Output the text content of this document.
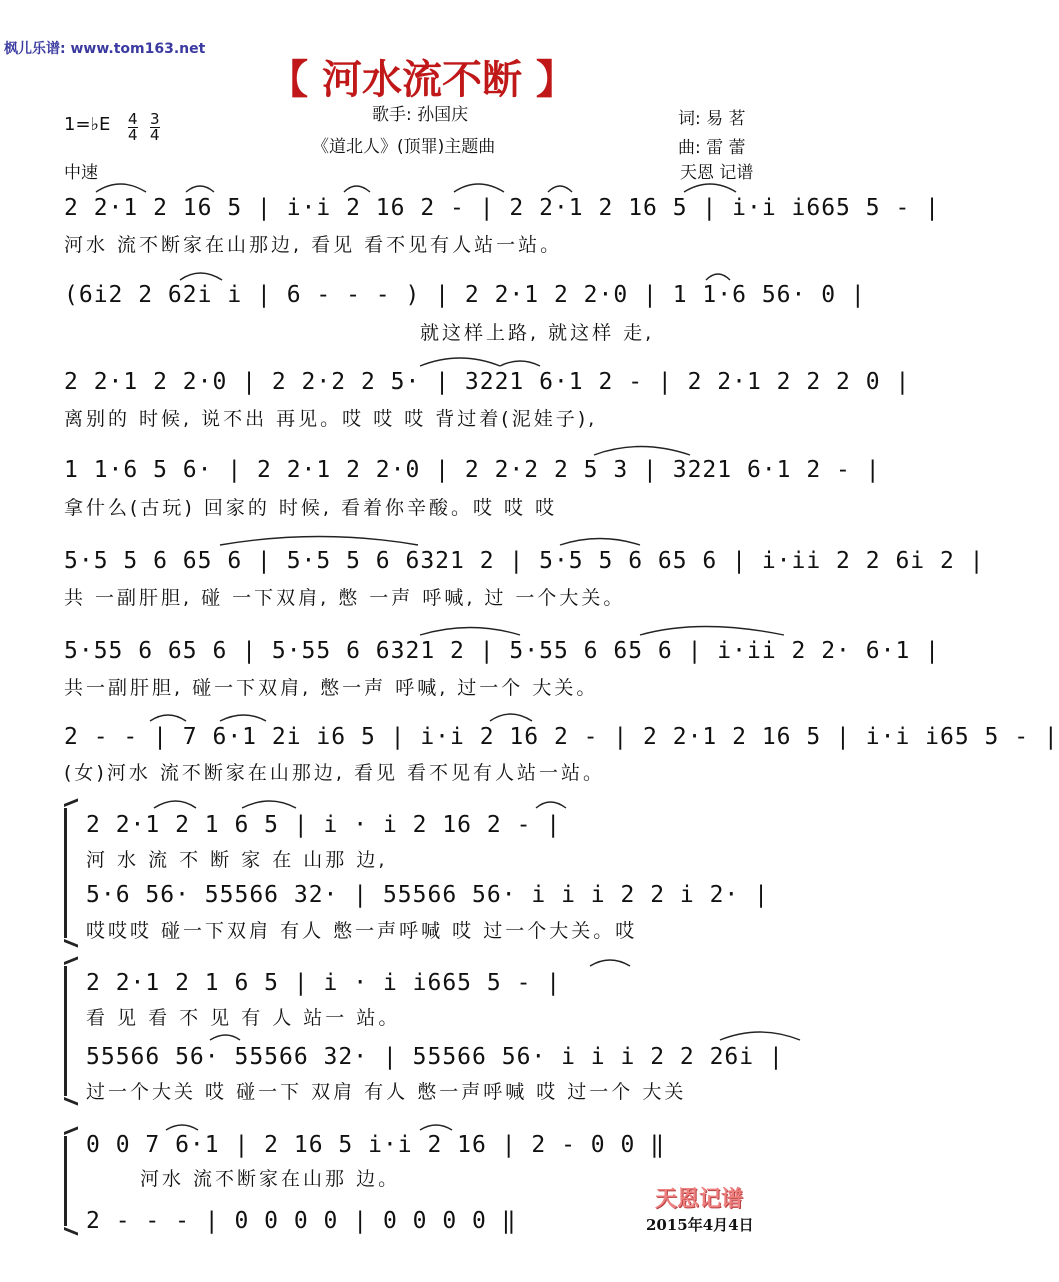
枫儿乐谱: www.tom163.net
【 河水流不断 】
歌手: 孙国庆
《道北人》(顶罪)主题曲
词: 易 茗
曲: 雷 蕾
天恩 记谱
1=♭E $\frac{4}{4} \frac{3}{4}$
中速
2 2·1 2 16 5 | i·i 2 16 2 - | 2 2·1 2 16 5 | i·i i665 5 - |
河水 流不断家在山那边, 看见 看不见有人站一站。
(6i2 2 62i i | 6 - - - ) | 2 2·1 2 2·0 | 1 1·6 56· 0 |
就这样上路, 就这样 走,
2 2·1 2 2·0 | 2 2·2 2 5· | 3221 6·1 2 - | 2 2·1 2 2 2 0 |
离别的 时候, 说不出 再见。哎 哎 哎 背过着(泥娃子),
1 1·6 5 6· | 2 2·1 2 2·0 | 2 2·2 2 5 3 | 3221 6·1 2 - |
拿什么(古玩) 回家的 时候, 看着你辛酸。哎 哎 哎
5·5 5 6 65 6 | 5·5 5 6 6321 2 | 5·5 5 6 65 6 | i·ii 2 2 6i 2 |
共 一副肝胆, 碰 一下双肩, 憋 一声 呼喊, 过 一个大关。
5·55 6 65 6 | 5·55 6 6321 2 | 5·55 6 65 6 | i·ii 2 2· 6·1 |
共一副肝胆, 碰一下双肩, 憋一声 呼喊, 过一个 大关。
2 - - | 7 6·1 2i i6 5 | i·i 2 16 2 - | 2 2·1 2 16 5 | i·i i65 5 - |
(女)河水 流不断家在山那边, 看见 看不见有人站一站。
2 2·1 2 1 6 5 | i · i 2 16 2 - |
河 水 流 不 断 家 在 山那 边,
5·6 56· 55566 32· | 55566 56· i i i 2 2 i 2· |
哎哎哎 碰一下双肩 有人 憋一声呼喊 哎 过一个大关。哎
2 2·1 2 1 6 5 | i · i i665 5 - |
看 见 看 不 见 有 人 站一 站。
55566 56· 55566 32· | 55566 56· i i i 2 2 26i |
过一个大关 哎 碰一下 双肩 有人 憋一声呼喊 哎 过一个 大关
0 0 7 6·1 | 2 16 5 i·i 2 16 | 2 - 0 0 ‖
河水 流不断家在山那 边。
2 - - - | 0 0 0 0 | 0 0 0 0 ‖
天恩记谱
2015年4月4日
